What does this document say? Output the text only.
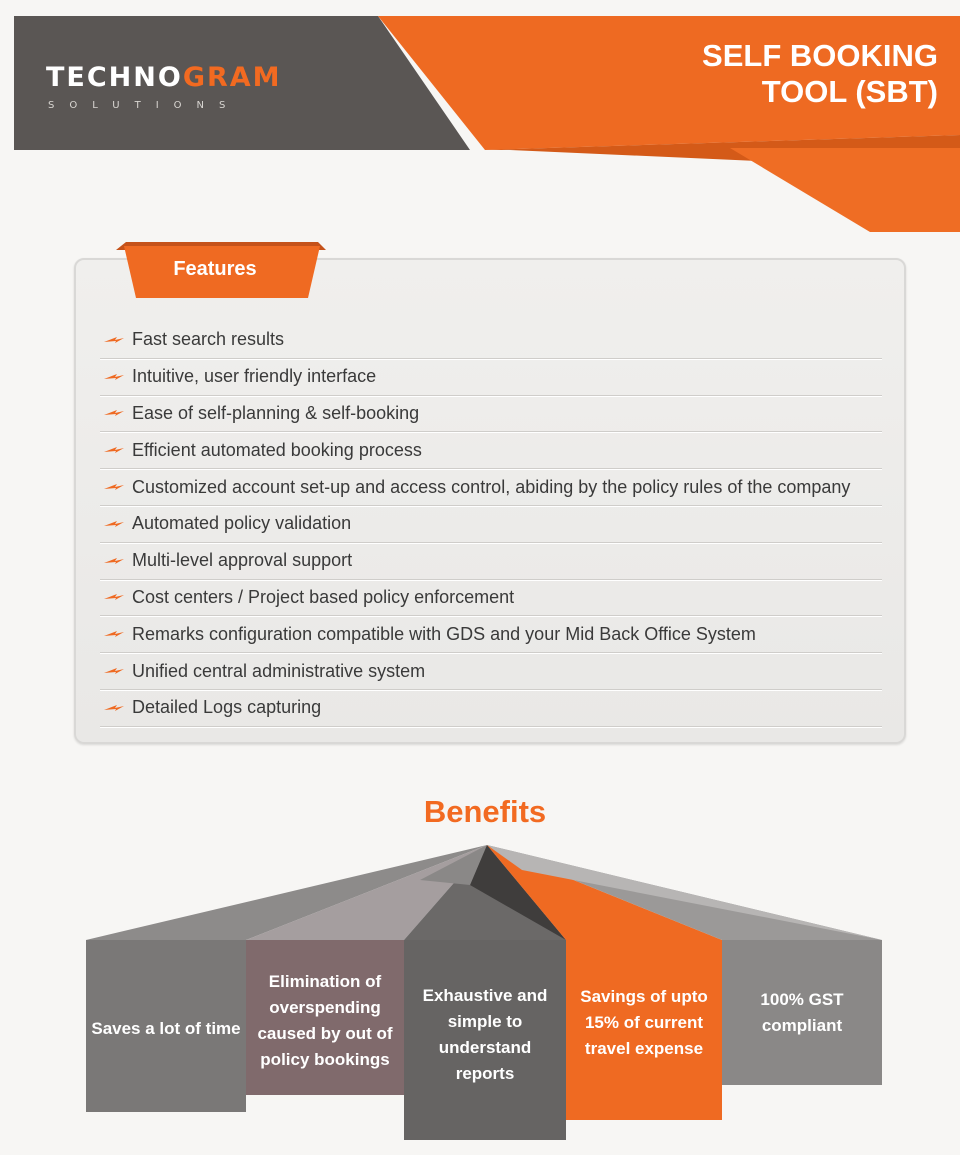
TECHNOGRAM
SOLUTIONS
SELF BOOKING
TOOL (SBT)
Features
Fast search results
Intuitive, user friendly interface
Ease of self-planning & self-booking
Efficient automated booking process
Customized account set-up and access control, abiding by the policy rules of the company
Automated policy validation
Multi-level approval support
Cost centers / Project based policy enforcement
Remarks configuration compatible with GDS and your Mid Back Office System
Unified central administrative system
Detailed Logs capturing
Benefits
Saves a lot of time
Elimination of overspending caused by out of policy bookings
Exhaustive and simple to understand reports
Savings of upto 15% of current travel expense
100% GST compliant
